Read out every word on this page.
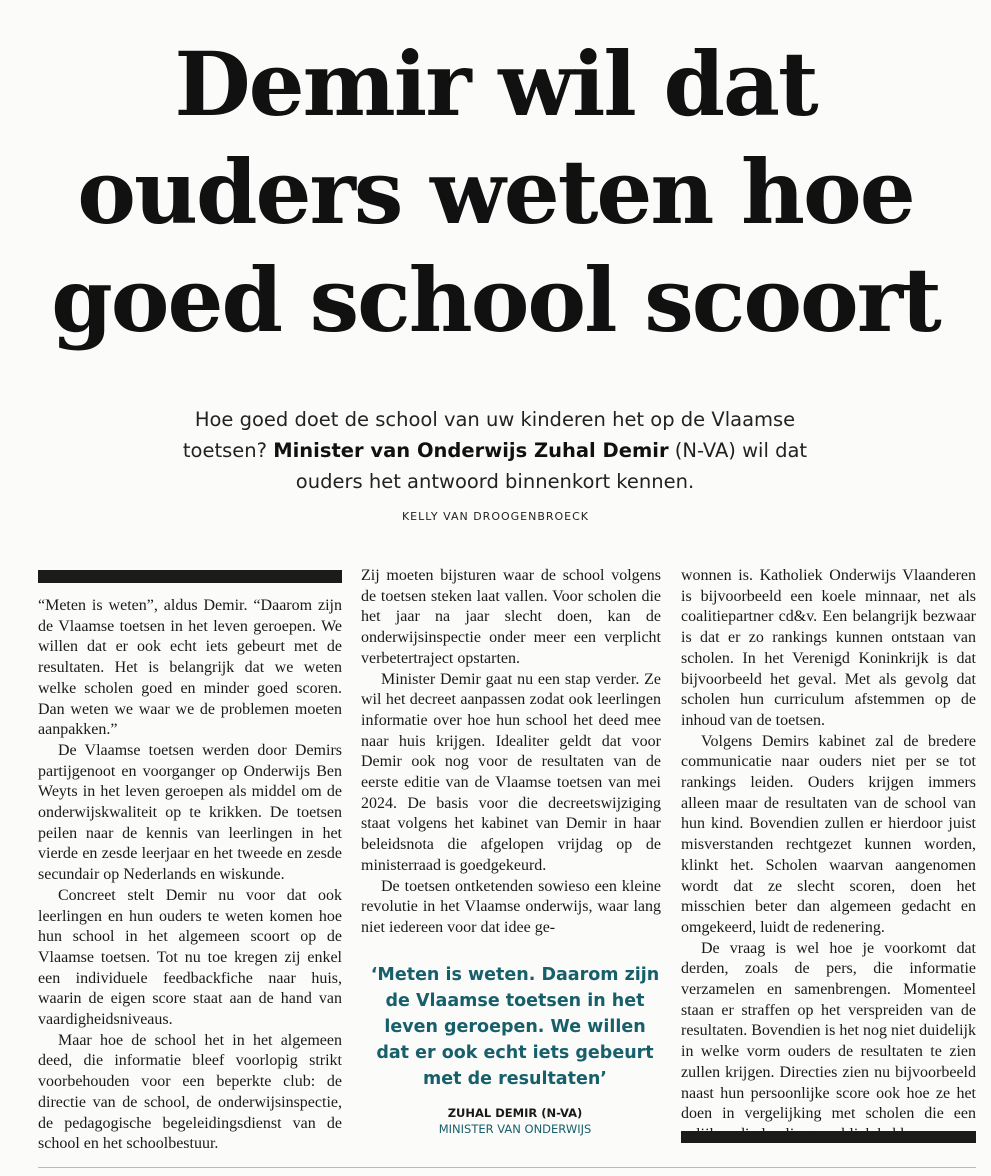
Demir wil dat
ouders weten hoe
goed school scoort
Hoe goed doet de school van uw kinderen het op de Vlaamse toetsen? Minister van Onderwijs Zuhal Demir (N-VA) wil dat ouders het antwoord binnenkort kennen.
KELLY VAN DROOGENBROECK

“Meten is weten”, aldus Demir. “Daarom zijn de Vlaamse toetsen in het leven geroepen. We willen dat er ook echt iets gebeurt met de resultaten. Het is belangrijk dat we weten welke scholen goed en minder goed scoren. Dan weten we waar we de problemen moeten aanpakken.”

De Vlaamse toetsen werden door Demirs partijgenoot en voorganger op Onderwijs Ben Weyts in het leven geroepen als middel om de onderwijskwaliteit op te krikken. De toetsen peilen naar de kennis van leerlingen in het vierde en zesde leerjaar en het tweede en zesde secundair op Nederlands en wiskunde.

Concreet stelt Demir nu voor dat ook leerlingen en hun ouders te weten komen hoe hun school in het algemeen scoort op de Vlaamse toetsen. Tot nu toe kregen zij enkel een individuele feedbackfiche naar huis, waarin de eigen score staat aan de hand van vaardigheidsniveaus.

Maar hoe de school het in het algemeen deed, die informatie bleef voorlopig strikt voorbehouden voor een beperkte club: de directie van de school, de onderwijsinspectie, de pedagogische begeleidingsdienst van de school en het schoolbestuur.

Zij moeten bijsturen waar de school volgens de toetsen steken laat vallen. Voor scholen die het jaar na jaar slecht doen, kan de onderwijsinspectie onder meer een verplicht verbetertraject opstarten.

Minister Demir gaat nu een stap verder. Ze wil het decreet aanpassen zodat ook leerlingen informatie over hoe hun school het deed mee naar huis krijgen. Idealiter geldt dat voor Demir ook nog voor de resultaten van de eerste editie van de Vlaamse toetsen van mei 2024. De basis voor die decreetswijziging staat volgens het kabinet van Demir in haar beleidsnota die afgelopen vrijdag op de ministerraad is goedgekeurd.

De toetsen ontketenden sowieso een kleine revolutie in het Vlaamse onderwijs, waar lang niet iedereen voor dat idee ge-

‘Meten is weten. Daarom zijn de Vlaamse toetsen in het leven geroepen. We willen dat er ook echt iets gebeurt met de resultaten’
ZUHAL DEMIR (N-VA)
MINISTER VAN ONDERWIJS

wonnen is. Katholiek Onderwijs Vlaanderen is bijvoorbeeld een koele minnaar, net als coalitiepartner cd&v. Een belangrijk bezwaar is dat er zo rankings kunnen ontstaan van scholen. In het Verenigd Koninkrijk is dat bijvoorbeeld het geval. Met als gevolg dat scholen hun curriculum afstemmen op de inhoud van de toetsen.

Volgens Demirs kabinet zal de bredere communicatie naar ouders niet per se tot rankings leiden. Ouders krijgen immers alleen maar de resultaten van de school van hun kind. Bovendien zullen er hierdoor juist misverstanden rechtgezet kunnen worden, klinkt het. Scholen waarvan aangenomen wordt dat ze slecht scoren, doen het misschien beter dan algemeen gedacht en omgekeerd, luidt de redenering.

De vraag is wel hoe je voorkomt dat derden, zoals de pers, die informatie verzamelen en samenbrengen. Momenteel staan er straffen op het verspreiden van de resultaten. Bovendien is het nog niet duidelijk in welke vorm ouders de resultaten te zien zullen krijgen. Directies zien nu bijvoorbeeld naast hun persoonlijke score ook hoe ze het doen in vergelijking met scholen die een
